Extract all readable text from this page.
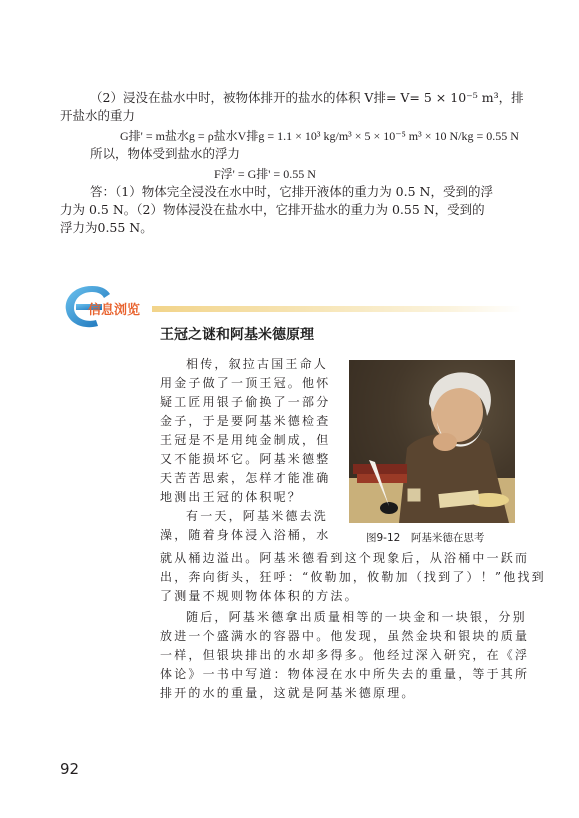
（2）浸没在盐水中时，被物体排开的盐水的体积 V排= V= 5 × 10⁻⁵ m³，排
开盐水的重力
G排' = m盐水g = ρ盐水V排g = 1.1 × 10³ kg/m³ × 5 × 10⁻⁵ m³ × 10 N/kg = 0.55 N
所以，物体受到盐水的浮力
F浮' = G排' = 0.55 N
答：（1）物体完全浸没在水中时，它排开液体的重力为 0.5 N，受到的浮
力为 0.5 N。（2）物体浸没在盐水中，它排开盐水的重力为 0.55 N，受到的
浮力为0.55 N。
信息浏览
王冠之谜和阿基米德原理
相传，叙拉古国王命人
用金子做了一顶王冠。他怀
疑工匠用银子偷换了一部分
金子，于是要阿基米德检查
王冠是不是用纯金制成，但
又不能损坏它。阿基米德整
天苦苦思索，怎样才能准确
地测出王冠的体积呢？
有一天，阿基米德去洗
澡，随着身体浸入浴桶，水
就从桶边溢出。阿基米德看到这个现象后，从浴桶中一跃而
出，奔向街头，狂呼：“攸勒加，攸勒加（找到了）！”他找到
了测量不规则物体体积的方法。
随后，阿基米德拿出质量相等的一块金和一块银，分别
放进一个盛满水的容器中。他发现，虽然金块和银块的质量
一样，但银块排出的水却多得多。他经过深入研究，在《浮
体论》一书中写道：物体浸在水中所失去的重量，等于其所
排开的水的重量，这就是阿基米德原理。
图9-12　阿基米德在思考
92
